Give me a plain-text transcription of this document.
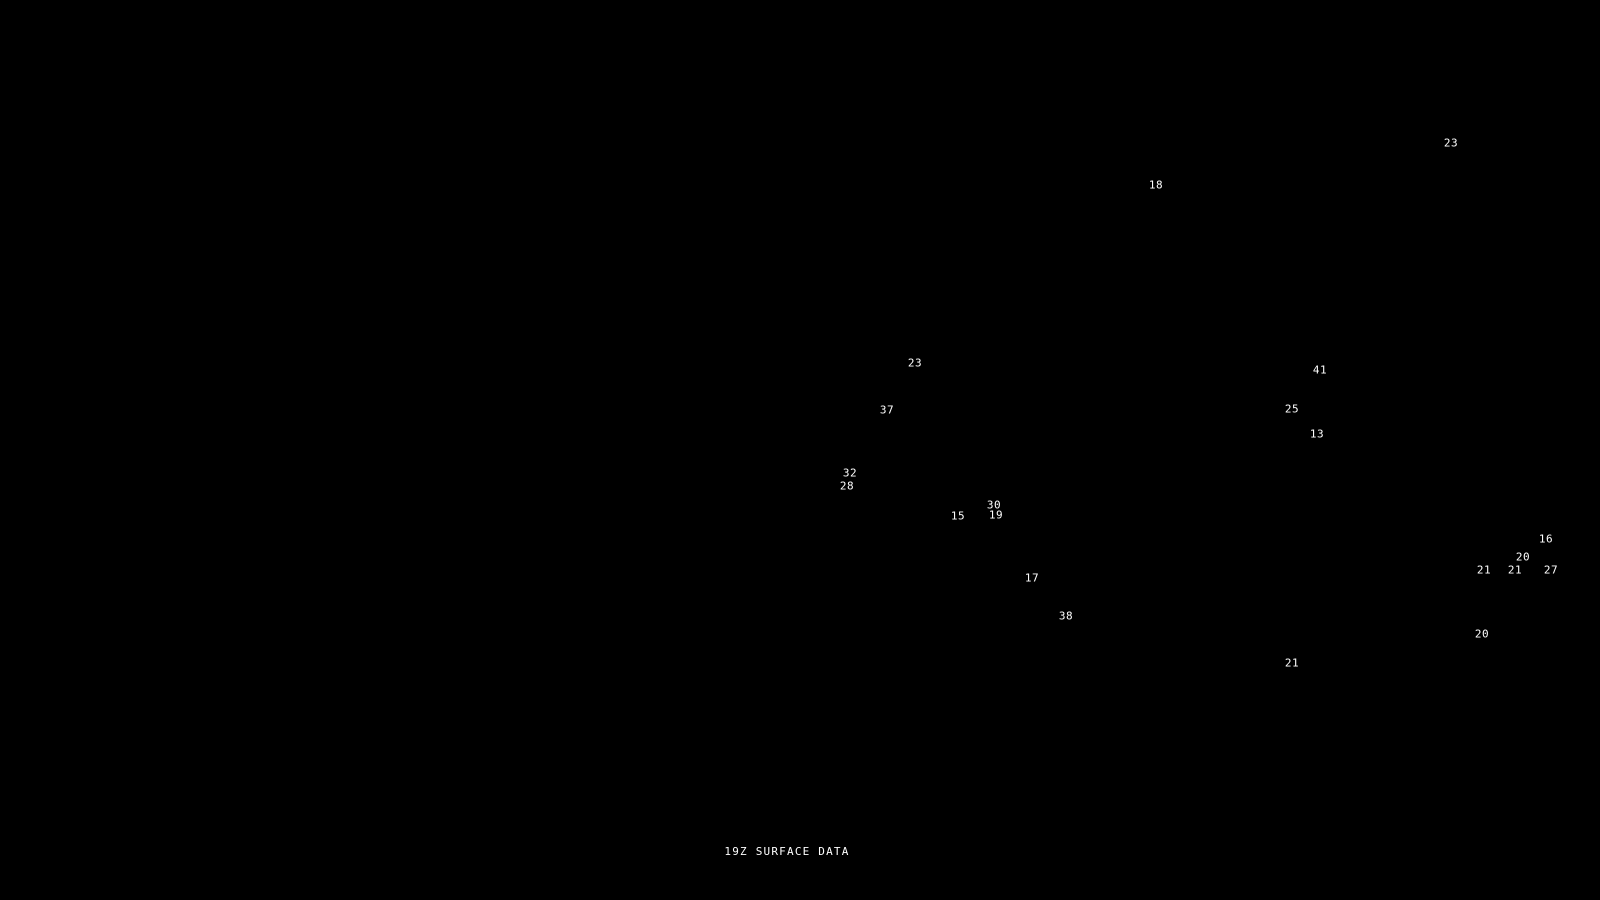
23
18
23
41
37	25
13
32
28
30
15 19
16
20
21 21 27
17
38
20
21
19Z SURFACE DATA
